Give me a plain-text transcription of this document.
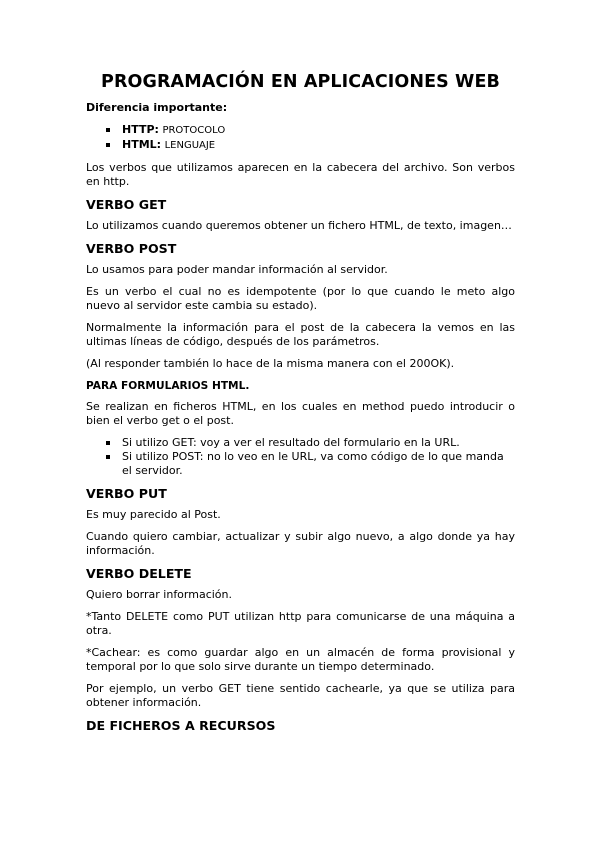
PROGRAMACIÓN EN APLICACIONES WEB
Diferencia importante:
HTTP: PROTOCOLO
HTML: LENGUAJE

Los verbos que utilizamos aparecen en la cabecera del archivo. Son verbos en http.

VERBO GET

Lo utilizamos cuando queremos obtener un fichero HTML, de texto, imagen…

VERBO POST

Lo usamos para poder mandar información al servidor.

Es un verbo el cual no es idempotente (por lo que cuando le meto algo nuevo al servidor este cambia su estado).

Normalmente la información para el post de la cabecera la vemos en las ultimas líneas de código, después de los parámetros.

(Al responder también lo hace de la misma manera con el 200OK).

PARA FORMULARIOS HTML.

Se realizan en ficheros HTML, en los cuales en method puedo introducir o bien el verbo get o el post.

Si utilizo GET: voy a ver el resultado del formulario en la URL.
Si utilizo POST: no lo veo en le URL, va como código de lo que manda el servidor.
VERBO PUT

Es muy parecido al Post.

Cuando quiero cambiar, actualizar y subir algo nuevo, a algo donde ya hay información.

VERBO DELETE

Quiero borrar información.

*Tanto DELETE como PUT utilizan http para comunicarse de una máquina a otra.

*Cachear: es como guardar algo en un almacén de forma provisional y temporal por lo que solo sirve durante un tiempo determinado.

Por ejemplo, un verbo GET tiene sentido cachearle, ya que se utiliza para obtener información.

DE FICHEROS A RECURSOS
